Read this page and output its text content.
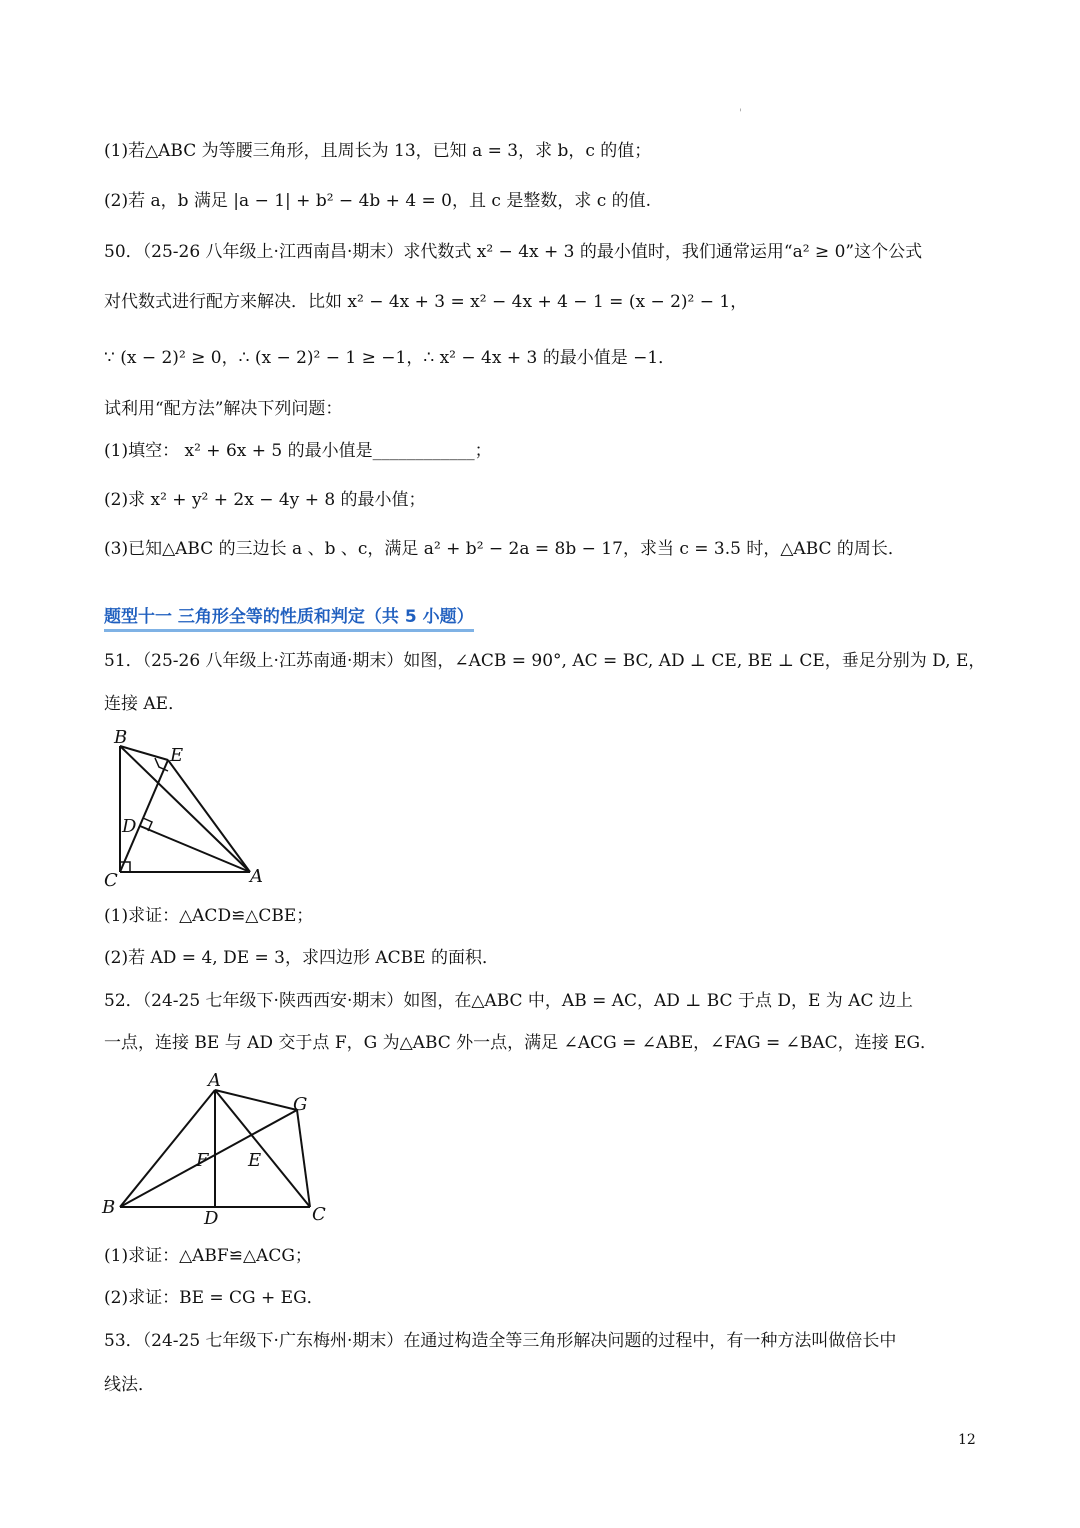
'
(1)若△ABC 为等腰三角形，且周长为 13，已知 a = 3，求 b，c 的值；
(2)若 a，b 满足 |a − 1| + b² − 4b + 4 = 0，且 c 是整数，求 c 的值.
50．（25-26 八年级上·江西南昌·期末）求代数式 x² − 4x + 3 的最小值时，我们通常运用“a² ≥ 0”这个公式
对代数式进行配方来解决．比如 x² − 4x + 3 = x² − 4x + 4 − 1 = (x − 2)² − 1，
∵ (x − 2)² ≥ 0，∴ (x − 2)² − 1 ≥ −1，∴ x² − 4x + 3 的最小值是 −1．
试利用“配方法”解决下列问题：
(1)填空： x² + 6x + 5 的最小值是____________；
(2)求 x² + y² + 2x − 4y + 8 的最小值；
(3)已知△ABC 的三边长 a 、b 、c，满足 a² + b² − 2a = 8b − 17，求当 c = 3.5 时，△ABC 的周长．
题型十一 三角形全等的性质和判定（共 5 小题）
51．（25-26 八年级上·江苏南通·期末）如图，∠ACB = 90°, AC = BC, AD ⊥ CE, BE ⊥ CE，垂足分别为 D, E，
连接 AE．
(1)求证：△ACD≌△CBE；
(2)若 AD = 4, DE = 3，求四边形 ACBE 的面积．
52．（24-25 七年级下·陕西西安·期末）如图，在△ABC 中，AB = AC，AD ⊥ BC 于点 D，E 为 AC 边上
一点，连接 BE 与 AD 交于点 F，G 为△ABC 外一点，满足 ∠ACG = ∠ABE，∠FAG = ∠BAC，连接 EG．
(1)求证：△ABF≌△ACG；
(2)求证：BE = CG + EG．
53．（24-25 七年级下·广东梅州·期末）在通过构造全等三角形解决问题的过程中，有一种方法叫做倍长中
线法．
12
B
E
D
C	A
A
G
F E
B
D	C
